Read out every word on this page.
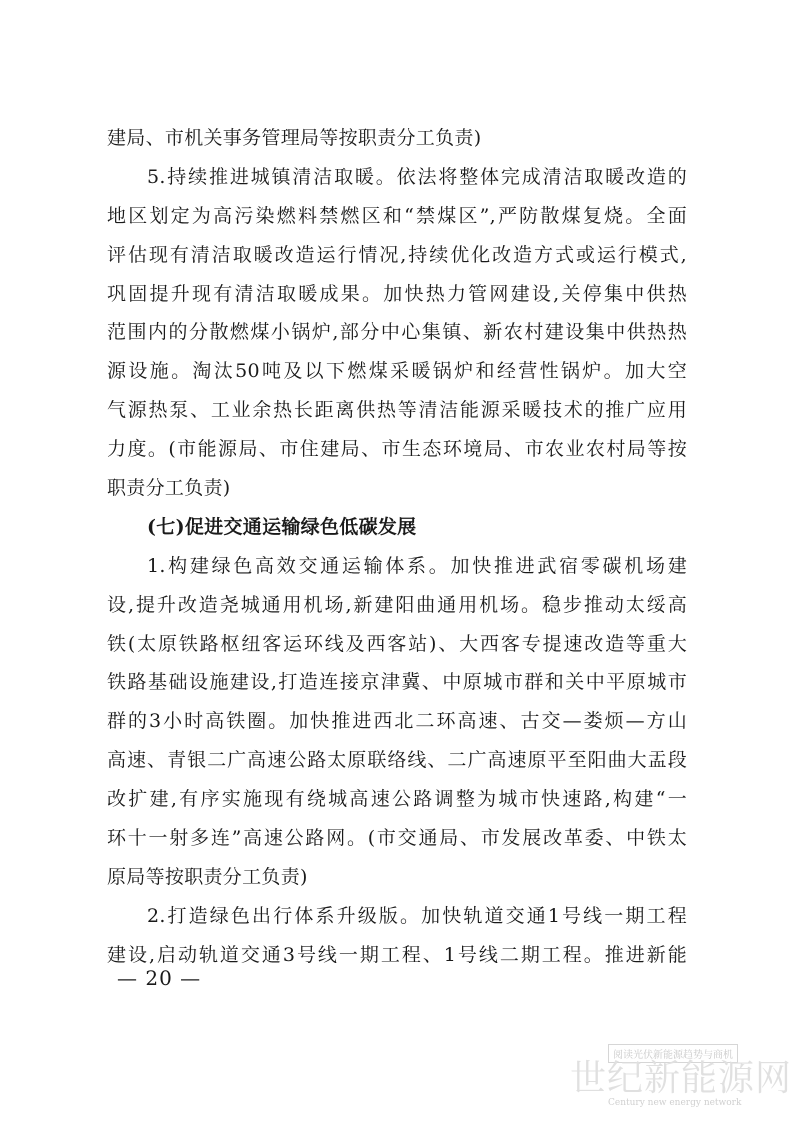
建局、市机关事务管理局等按职责分工负责)
5.持续推进城镇清洁取暖。依法将整体完成清洁取暖改造的
地区划定为高污染燃料禁燃区和“禁煤区”,严防散煤复烧。全面
评估现有清洁取暖改造运行情况,持续优化改造方式或运行模式,
巩固提升现有清洁取暖成果。加快热力管网建设,关停集中供热
范围内的分散燃煤小锅炉,部分中心集镇、新农村建设集中供热热
源设施。淘汰50吨及以下燃煤采暖锅炉和经营性锅炉。加大空
气源热泵、工业余热长距离供热等清洁能源采暖技术的推广应用
力度。(市能源局、市住建局、市生态环境局、市农业农村局等按
职责分工负责)
(七)促进交通运输绿色低碳发展
1.构建绿色高效交通运输体系。加快推进武宿零碳机场建
设,提升改造尧城通用机场,新建阳曲通用机场。稳步推动太绥高
铁(太原铁路枢纽客运环线及西客站)、大西客专提速改造等重大
铁路基础设施建设,打造连接京津冀、中原城市群和关中平原城市
群的3小时高铁圈。加快推进西北二环高速、古交—娄烦—方山
高速、青银二广高速公路太原联络线、二广高速原平至阳曲大盂段
改扩建,有序实施现有绕城高速公路调整为城市快速路,构建“一
环十一射多连”高速公路网。(市交通局、市发展改革委、中铁太
原局等按职责分工负责)
2.打造绿色出行体系升级版。加快轨道交通1号线一期工程
建设,启动轨道交通3号线一期工程、1号线二期工程。推进新能
— 20 —
阅读光伏新能源趋势与商机
世纪新能源网
Century new energy network
